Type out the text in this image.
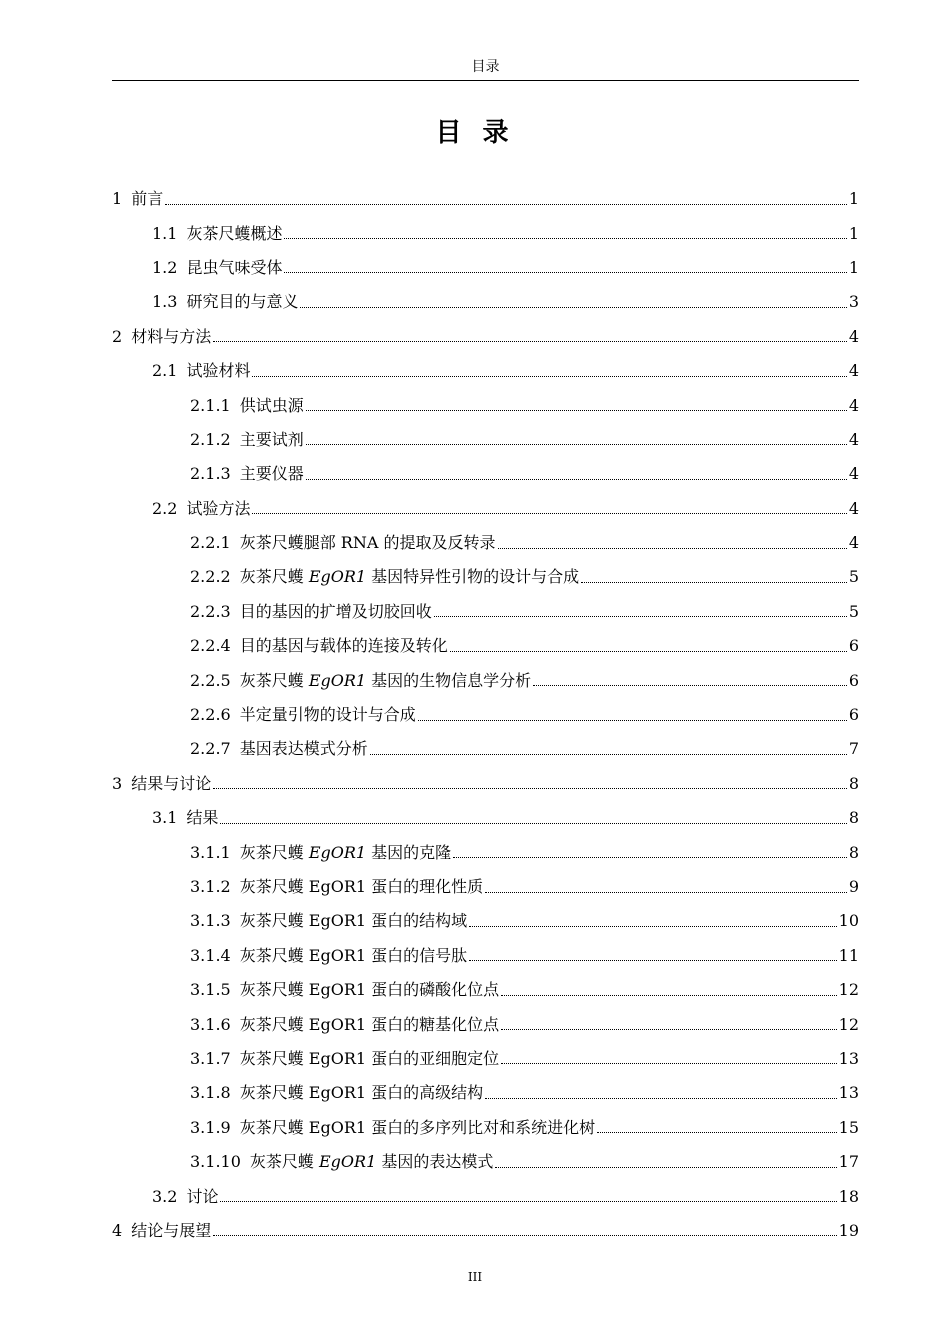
目录
目 录
1 前言	1
1.1 灰茶尺蠖概述	1
1.2 昆虫气味受体	1
1.3 研究目的与意义	3
2 材料与方法	4
2.1 试验材料	4
2.1.1 供试虫源	4
2.1.2 主要试剂	4
2.1.3 主要仪器	4
2.2 试验方法	4
2.2.1 灰茶尺蠖腿部 RNA 的提取及反转录	4
2.2.2 灰茶尺蠖 EgOR1 基因特异性引物的设计与合成	5
2.2.3 目的基因的扩增及切胶回收	5
2.2.4 目的基因与载体的连接及转化	6
2.2.5 灰茶尺蠖 EgOR1 基因的生物信息学分析	6
2.2.6 半定量引物的设计与合成	6
2.2.7 基因表达模式分析	7
3 结果与讨论	8
3.1 结果	8
3.1.1 灰茶尺蠖 EgOR1 基因的克隆	8
3.1.2 灰茶尺蠖 EgOR1 蛋白的理化性质	9
3.1.3 灰茶尺蠖 EgOR1 蛋白的结构域	10
3.1.4 灰茶尺蠖 EgOR1 蛋白的信号肽	11
3.1.5 灰茶尺蠖 EgOR1 蛋白的磷酸化位点	12
3.1.6 灰茶尺蠖 EgOR1 蛋白的糖基化位点	12
3.1.7 灰茶尺蠖 EgOR1 蛋白的亚细胞定位	13
3.1.8 灰茶尺蠖 EgOR1 蛋白的高级结构	13
3.1.9 灰茶尺蠖 EgOR1 蛋白的多序列比对和系统进化树	15
3.1.10 灰茶尺蠖 EgOR1 基因的表达模式	17
3.2 讨论	18
4 结论与展望	19
III
